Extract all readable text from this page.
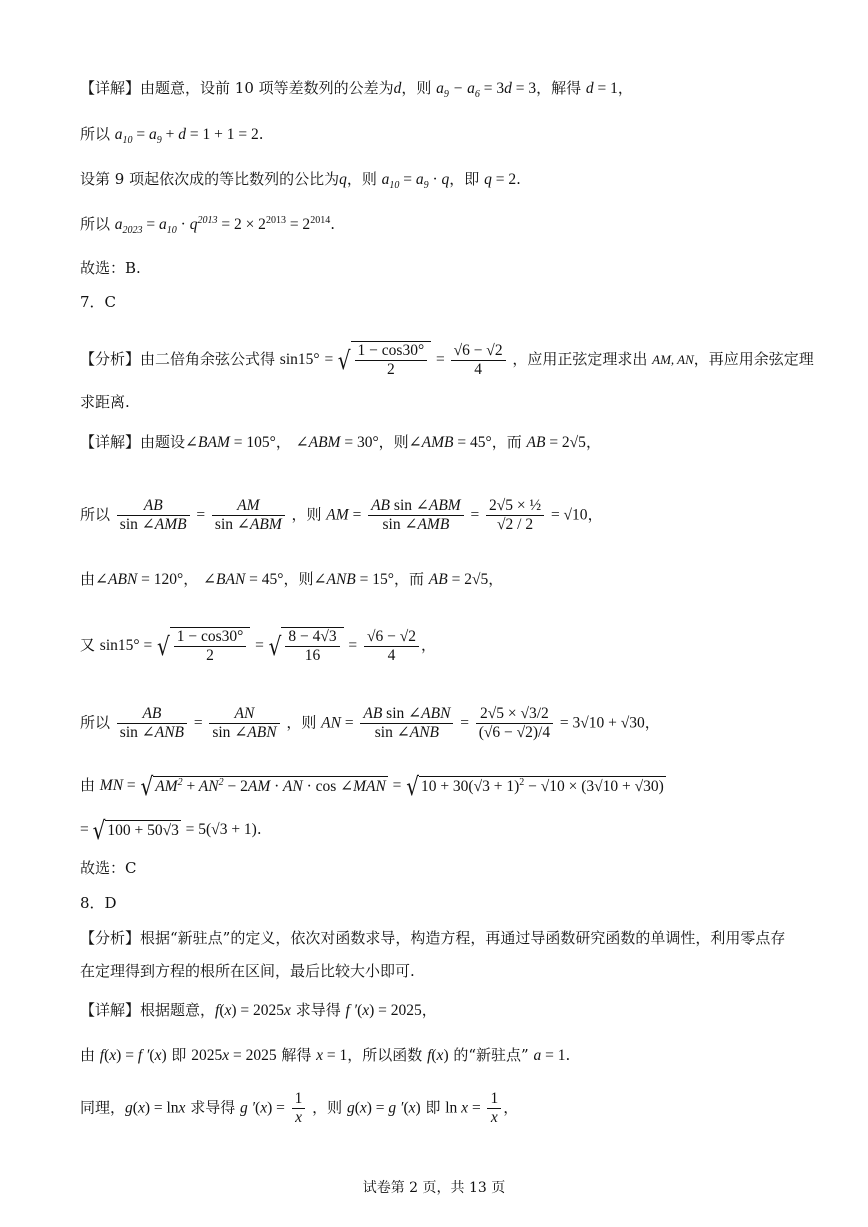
【详解】由题意，设前 10 项等差数列的公差为d，则 $a_9 - a_6 = 3d = 3$，解得 d = 1，
所以 $a_{10} = a_9 + d = 1 + 1 = 2$.
设第 9 项起依次成的等比数列的公比为q，则 $a_{10} = a_9 \cdot q$，即 q = 2.
所以 $a_{2023} = a_{10} \cdot q^{2013} = 2 \times 2^{2013} = 2^{2014}$.
故选：B.
7．C
【分析】由二倍角余弦公式得 sin15° = √ $\frac{1 - \cos 30^\circ}{2} = \frac{√6 - √2}{4}$ ，应用正弦定理求出 AM, AN，再应用余弦定理
求距离.
【详解】由题设∠BAM = 105°， ∠ABM = 30°，则∠AMB = 45°，而 AB = 2√5，
所以 $\frac{AB}{\text{sin ∠AMB}} = \frac{AM}{\text{sin ∠ABM}}$ ，则 AM = $\frac{\text{AB sin ∠ABM}}{\text{sin ∠AMB}} = \frac{\text{2√5 × ½}}{√2 / 2} = √10$，
由∠ABN = 120°， ∠BAN = 45°，则∠ANB = 15°，而 AB = 2√5，
又 sin15° = √ $\frac{1 - \cos 30^\circ}{2}$ = √ $\frac{8 - 4√3}{16} = \frac{√6 - √2}{4}$ ，
所以 $\frac{AB}{\text{sin ∠ANB}} = \frac{AN}{\text{sin ∠ABN}}$ ，则 AN = $\frac{\text{AB sin ∠ABN}}{\text{sin ∠ANB}} = \frac{2√5 \times √3/2}{(√6 - √2)/4} = 3√10 + √30$，
由 MN = √ $AM^2 + AN^2 - 2AM$ · AN · cos ∠MAN = √ $10 + 30(√3 + 1)^2 - √10 \times (3√10 + √30)$
= √ 100 + 50√3 = 5(√3 + 1).
故选：C
8．D
【分析】根据“新驻点”的定义，依次对函数求导，构造方程，再通过导函数研究函数的单调性，利用零点存
在定理得到方程的根所在区间，最后比较大小即可.
【详解】根据题意，f(x) = 2025x 求导得 f ′(x) = 2025，
由 f(x) = f ′(x) 即 2025x = 2025 解得 x = 1，所以函数 f(x) 的“新驻点” a = 1.
同理，g(x) = lnx 求导得 g $'(x) = \frac{1}{x}$ ，则 g(x) = g ′(x) 即 $\ln x = \frac{1}{x}$ ，
试卷第 2 页，共 13 页
